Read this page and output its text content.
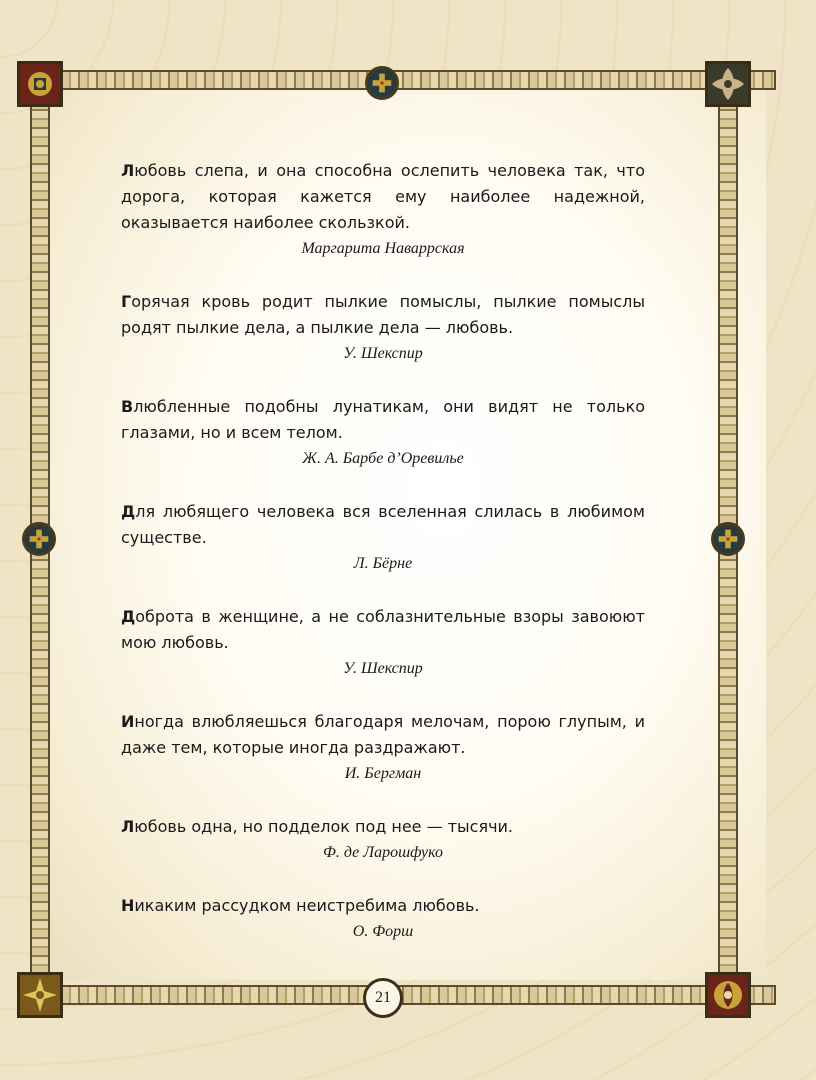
Любовь слепа, и она способна ослепить человека так, что дорога, которая кажется ему наиболее надежной, оказывается наиболее скользкой.

Маргарита Наваррская

Горячая кровь родит пылкие помыслы, пылкие помыслы родят пылкие дела, а пылкие дела — любовь.

У. Шекспир

Влюбленные подобны лунатикам, они видят не только глазами, но и всем телом.

Ж. А. Барбе д’Оревилье

Для любящего человека вся вселенная слилась в любимом существе.

Л. Бёрне

Доброта в женщине, а не соблазнительные взоры завоюют мою любовь.

У. Шекспир

Иногда влюбляешься благодаря мелочам, порою глупым, и даже тем, которые иногда раздражают.

И. Бергман

Любовь одна, но подделок под нее — тысячи.

Ф. де Ларошфуко

Никаким рассудком неистребима любовь.

О. Форш

21
